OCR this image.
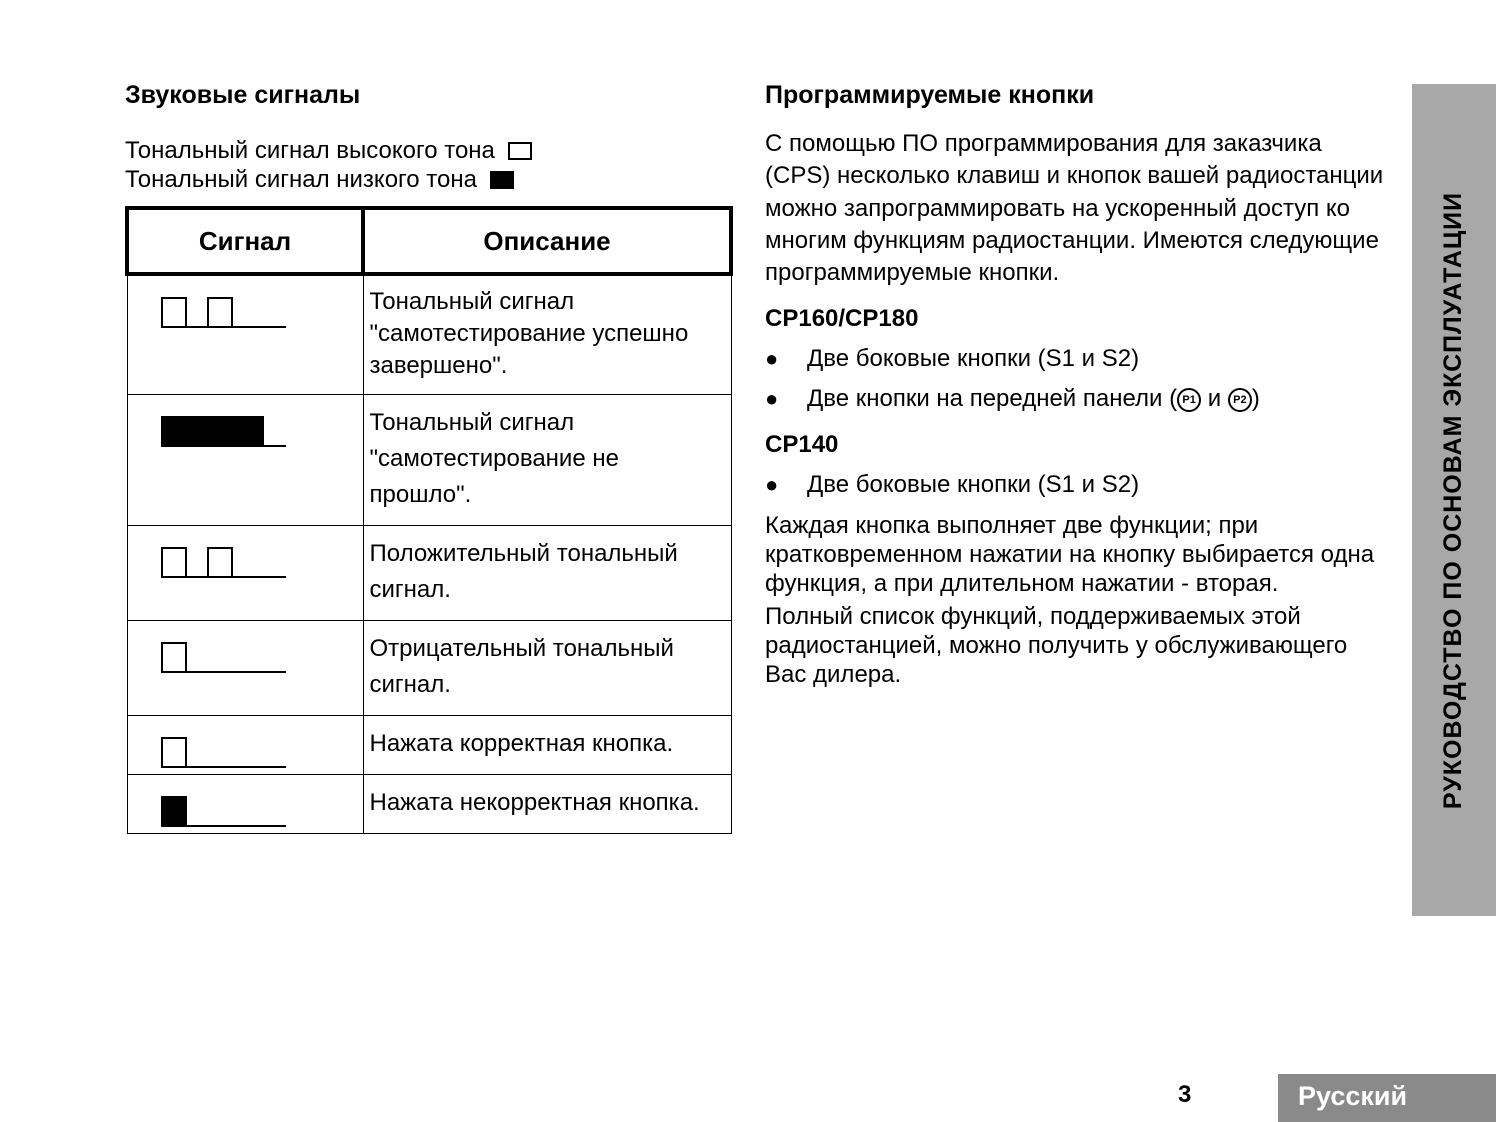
Звуковые сигналы
Тональный сигнал высокого тона
Тональный сигнал низкого тона
Сигнал	Описание

	Тональный сигнал "самотестирование успешно завершено".

	Тональный сигнал "самотестирование не прошло".

	Положительный тональный сигнал.

	Отрицательный тональный сигнал.

	Нажата корректная кнопка.

	Нажата некорректная кнопка.
Программируемые кнопки

С помощью ПО программирования для заказчика (CPS) несколько клавиш и кнопок вашей радиостанции можно запрограммировать на ускоренный доступ ко многим функциям радиостанции. Имеются следующие программируемые кнопки.

CP160/CP180
●	Две боковые кнопки (S1 и S2)
●	Две кнопки на передней панели ( P1 и P2 )
CP140
●	Две боковые кнопки (S1 и S2)

Каждая кнопка выполняет две функции; при кратковременном нажатии на кнопку выбирается одна функция, а при длительном нажатии - вторая.

Полный список функций, поддерживаемых этой радиостанцией, можно получить у обслуживающего Вас дилера.	РУКОВОДСТВО ПО ОСНОВАМ ЭКСПЛУАТАЦИИ
3	Русский
